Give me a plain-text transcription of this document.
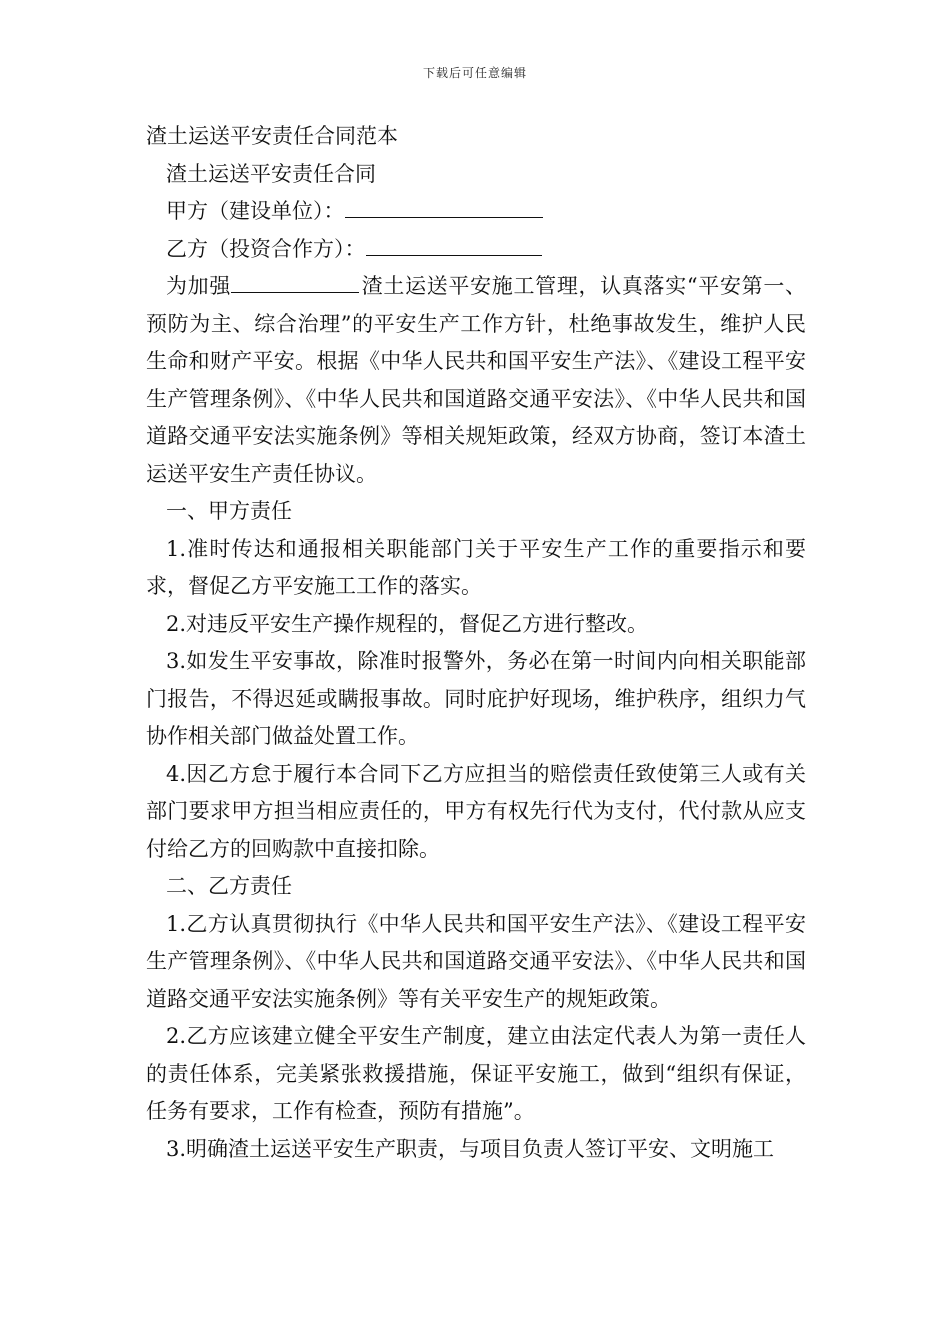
下载后可任意编辑

渣土运送平安责任合同范本

渣土运送平安责任合同

甲方（建设单位）：

乙方（投资合作方）：

为加强	渣土运送平安施工管理，认真落实“平安第一、预防为主、综合治理”的平安生产工作方针，杜绝事故发生，维护人民生命和财产平安。根据《中华人民共和国平安生产法》、《建设工程平安生产管理条例》、《中华人民共和国道路交通平安法》、《中华人民共和国道路交通平安法实施条例》等相关规矩政策，经双方协商，签订本渣土运送平安生产责任协议。

一、甲方责任

1.准时传达和通报相关职能部门关于平安生产工作的重要指示和要求，督促乙方平安施工工作的落实。

2.对违反平安生产操作规程的，督促乙方进行整改。

3.如发生平安事故，除准时报警外，务必在第一时间内向相关职能部门报告，不得迟延或瞒报事故。同时庇护好现场，维护秩序，组织力气协作相关部门做益处置工作。

4.因乙方怠于履行本合同下乙方应担当的赔偿责任致使第三人或有关部门要求甲方担当相应责任的，甲方有权先行代为支付，代付款从应支付给乙方的回购款中直接扣除。

二、乙方责任

1.乙方认真贯彻执行《中华人民共和国平安生产法》、《建设工程平安生产管理条例》、《中华人民共和国道路交通平安法》、《中华人民共和国道路交通平安法实施条例》等有关平安生产的规矩政策。

2.乙方应该建立健全平安生产制度，建立由法定代表人为第一责任人的责任体系，完美紧张救援措施，保证平安施工，做到“组织有保证，任务有要求，工作有检查，预防有措施”。

3.明确渣土运送平安生产职责，与项目负责人签订平安、文明施工
